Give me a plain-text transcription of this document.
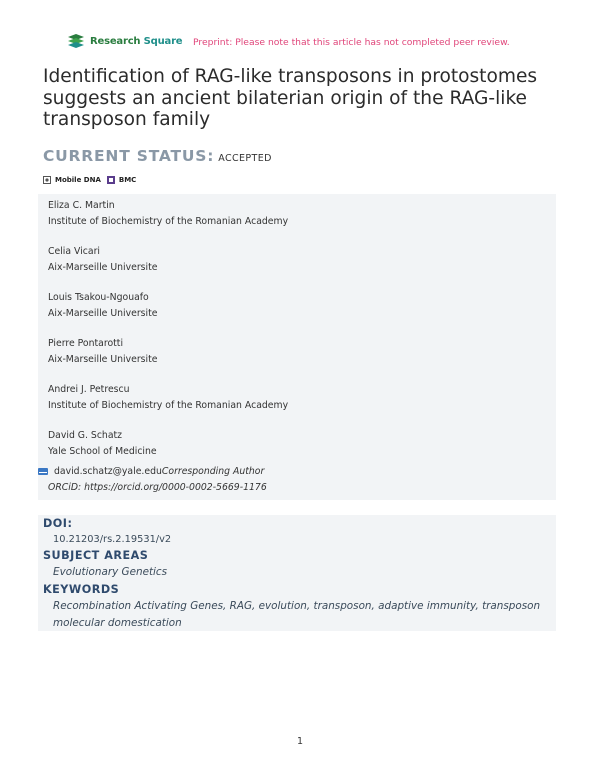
Research Square Preprint: Please note that this article has not completed peer review.
Identification of RAG-like transposons in protostomes suggests an ancient bilaterian origin of the RAG-like transposon family
CURRENT STATUS: ACCEPTED
Mobile DNA	BMC
Eliza C. Martin
Institute of Biochemistry of the Romanian Academy
Celia Vicari
Aix-Marseille Universite
Louis Tsakou-Ngouafo
Aix-Marseille Universite
Pierre Pontarotti
Aix-Marseille Universite
Andrei J. Petrescu
Institute of Biochemistry of the Romanian Academy
David G. Schatz
Yale School of Medicine
david.schatz@yale.edu Corresponding Author
ORCiD: https://orcid.org/0000-0002-5669-1176
DOI:
10.21203/rs.2.19531/v2
SUBJECT AREAS
Evolutionary Genetics
KEYWORDS
Recombination Activating Genes, RAG, evolution, transposon, adaptive immunity, transposon molecular domestication
1
